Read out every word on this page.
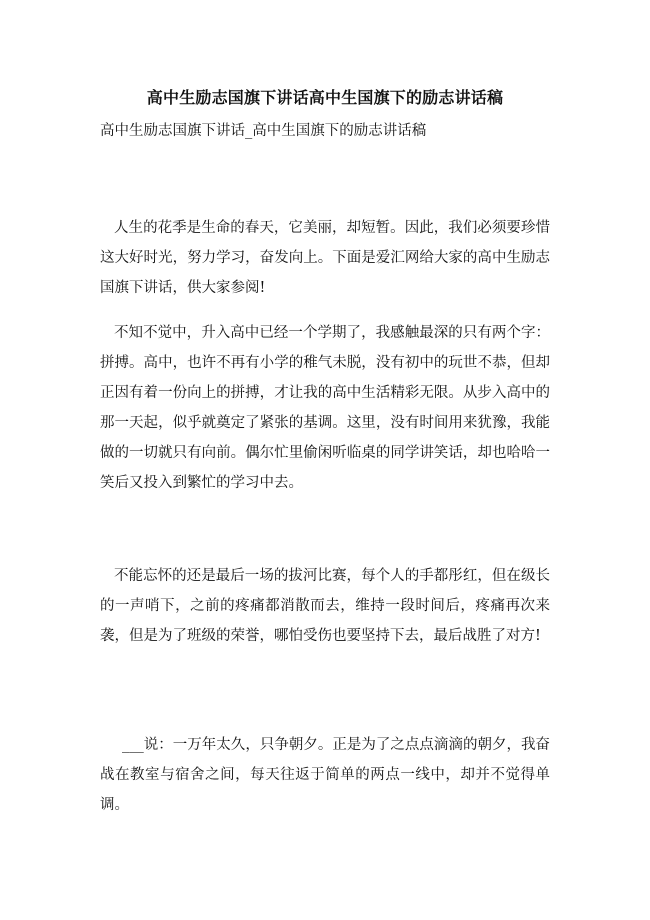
高中生励志国旗下讲话高中生国旗下的励志讲话稿
高中生励志国旗下讲话_高中生国旗下的励志讲话稿
人生的花季是生命的春天，它美丽，却短暂。因此，我们必须要珍惜这大好时光，努力学习，奋发向上。下面是爱汇网给大家的高中生励志国旗下讲话，供大家参阅!
不知不觉中，升入高中已经一个学期了，我感触最深的只有两个字：拼搏。高中，也许不再有小学的稚气未脱，没有初中的玩世不恭，但却正因有着一份向上的拼搏，才让我的高中生活精彩无限。从步入高中的那一天起，似乎就奠定了紧张的基调。这里，没有时间用来犹豫，我能做的一切就只有向前。偶尔忙里偷闲听临桌的同学讲笑话，却也哈哈一笑后又投入到繁忙的学习中去。
不能忘怀的还是最后一场的拔河比赛，每个人的手都彤红，但在级长的一声哨下，之前的疼痛都消散而去，维持一段时间后，疼痛再次来袭，但是为了班级的荣誉，哪怕受伤也要坚持下去，最后战胜了对方!
___说：一万年太久，只争朝夕。正是为了之点点滴滴的朝夕，我奋战在教室与宿舍之间，每天往返于简单的两点一线中，却并不觉得单调。
